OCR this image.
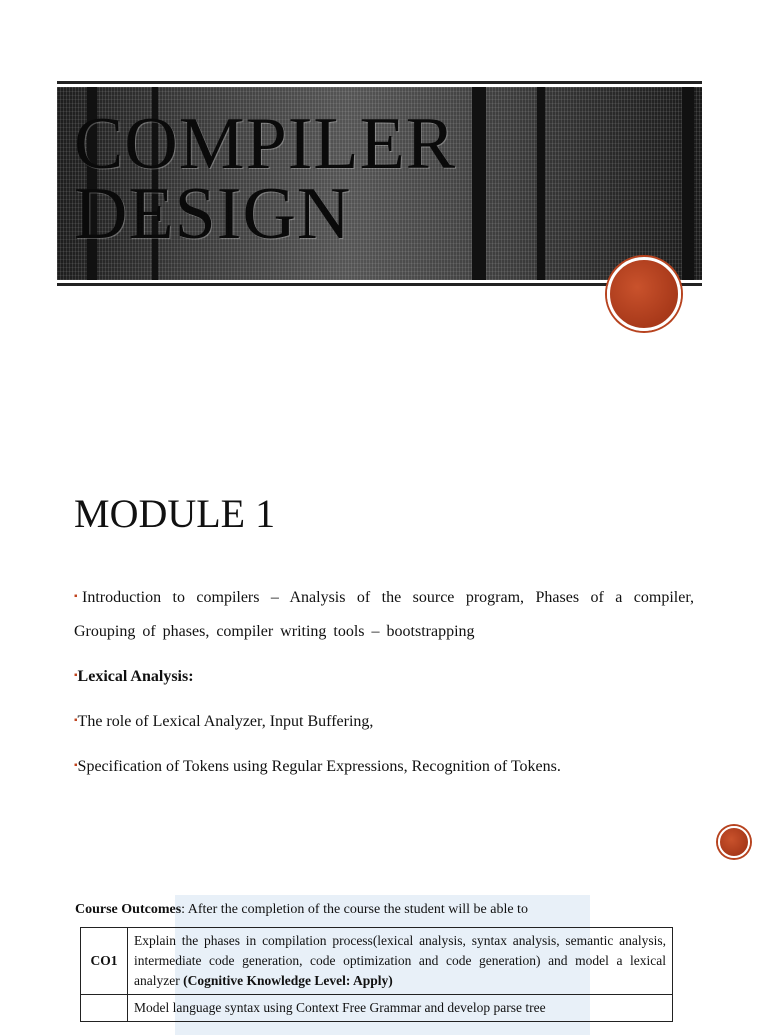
COMPILER
DESIGN
MODULE 1

▪Introduction to compilers – Analysis of the source program, Phases of a compiler, Grouping of phases, compiler writing tools – bootstrapping

▪Lexical Analysis:

▪The role of Lexical Analyzer, Input Buffering,

▪Specification of Tokens using Regular Expressions, Recognition of Tokens.

Course Outcomes: After the completion of the course the student will be able to

CO1	Explain the phases in compilation process(lexical analysis, syntax analysis, semantic analysis, intermediate code generation, code optimization and code generation) and model a lexical analyzer (Cognitive Knowledge Level: Apply)
	Model language syntax using Context Free Grammar and develop parse tree
